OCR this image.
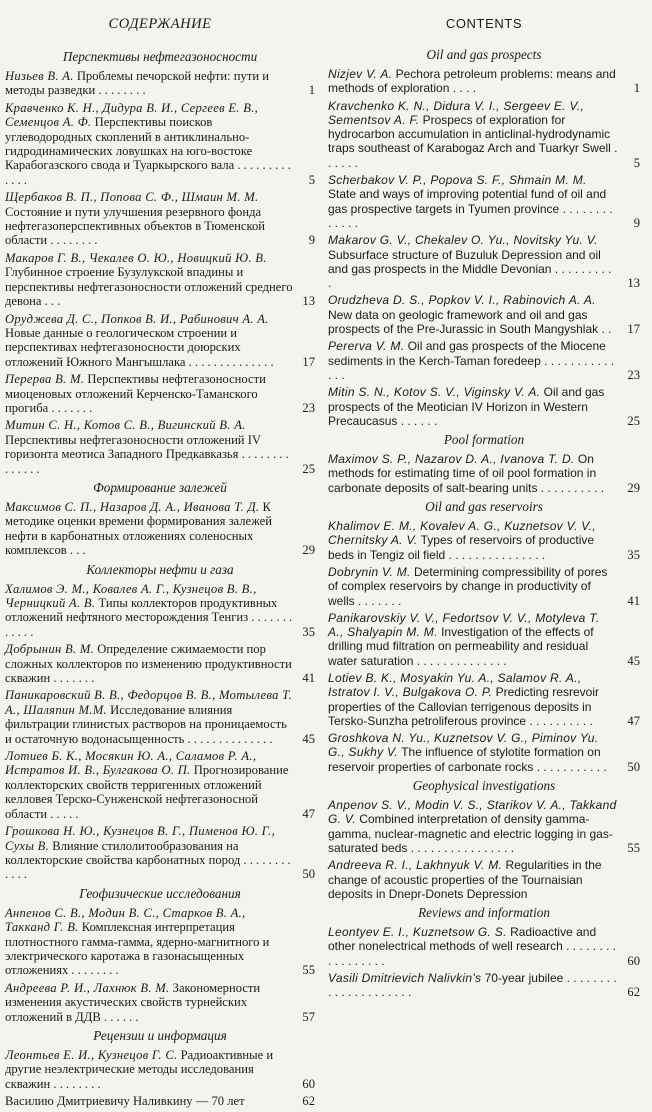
СОДЕРЖАНИЕ
Перспективы нефтегазоносности
Низьев В. А. Проблемы печорской нефти: пути и методы разведки . . . . . . . .	1
Кравченко К. Н., Дидура В. И., Сергеев Е. В., Семенцов А. Ф. Перспективы поисков углеводородных скоплений в антиклинально-гидродинамических ловушках на юго-востоке Карабогазского свода и Туаркырского вала . . . . . . . . . . . . .	5
Щербаков В. П., Попова С. Ф., Шмаин М. М. Состояние и пути улучшения резервного фонда нефтегазоперспективных объектов в Тюменской области . . . . . . . .	9
Макаров Г. В., Чекалев О. Ю., Новицкий Ю. В. Глубинное строение Бузулукской впадины и перспективы нефтегазоносности отложений среднего девона . . .	13
Оруджева Д. С., Попков В. И., Рабинович А. А. Новые данные о геологическом строении и перспективах нефтегазоносности доюрских отложений Южного Мангышлака . . . . . . . . . . . . . .	17
Перерва В. М. Перспективы нефтегазоносности миоценовых отложений Керченско-Таманского прогиба . . . . . . .	23
Митин С. Н., Котов С. В., Вигинский В. А. Перспективы нефтегазоносности отложений IV горизонта меотиса Западного Предкавказья . . . . . . . . . . . . . .	25
Формирование залежей
Максимов С. П., Назаров Д. А., Иванова Т. Д. К методике оценки времени формирования залежей нефти в карбонатных отложениях соленосных комплексов . . .	29
Коллекторы нефти и газа
Халимов Э. М., Ковалев А. Г., Кузнецов В. В., Черницкий А. В. Типы коллекторов продуктивных отложений нефтяного месторождения Тенгиз . . . . . . . . . . . .	35
Добрынин В. М. Определение сжимаемости пор сложных коллекторов по изменению продуктивности скважин . . . . . . .	41
Паникаровский В. В., Федорцов В. В., Мотылева Т. А., Шаляпин М.М. Исследование влияния фильтрации глинистых растворов на проницаемость и остаточную водонасыщенность . . . . . . . . . . . . . .	45
Лотиев Б. К., Мосякин Ю. А., Саламов Р. А., Истратов И. В., Булгакова О. П. Прогнозирование коллекторских свойств терригенных отложений келловея Терско-Сунженской нефтегазоносной области . . . . .	47
Грошкова Н. Ю., Кузнецов В. Г., Пименов Ю. Г., Сухы В. Влияние стилолитообразования на коллекторские свойства карбонатных пород . . . . . . . . . . . .	50
Геофизические исследования
Анпенов С. В., Модин В. С., Старков В. А., Такканд Г. В. Комплексная интерпретация плотностного гамма-гамма, ядерно-магнитного и электрического каротажа в газонасыщенных отложениях . . . . . . . .	55
Андреева Р. И., Лахнюк В. М. Закономерности изменения акустических свойств турнейских отложений в ДДВ . . . . . .	57
Рецензии и информация
Леонтьев Е. И., Кузнецов Г. С. Радиоактивные и другие неэлектрические методы исследования скважин . . . . . . . .	60
Василию Дмитриевичу Наливкину — 70 лет	62
CONTENTS
Oil and gas prospects
Nizjev V. A. Pechora petroleum problems: means and methods of exploration . . . .	1
Kravchenko K. N., Didura V. I., Sergeev E. V., Sementsov A. F. Prospecs of exploration for hydrocarbon accumulation in anticlinal-hydrodynamic traps southeast of Karabogaz Arch and Tuarkyr Swell . . . . . .	5
Scherbakov V. P., Popova S. F., Shmain M. M. State and ways of improving potential fund of oil and gas prospective targets in Tyumen province . . . . . . . . . . . . .	9
Makarov G. V., Chekalev O. Yu., Novitsky Yu. V. Subsurface structure of Buzuluk Depression and oil and gas prospects in the Middle Devonian . . . . . . . . . .	13
Orudzheva D. S., Popkov V. I., Rabinovich A. A. New data on geologic framework and oil and gas prospects of the Pre-Jurassic in South Mangyshlak . .	17
Pererva V. M. Oil and gas prospects of the Miocene sediments in the Kerch-Taman foredeep . . . . . . . . . . . . . .	23
Mitin S. N., Kotov S. V., Viginsky V. A. Oil and gas prospects of the Meotician IV Horizon in Western Precaucasus . . . . . .	25
Pool formation
Maximov S. P., Nazarov D. A., Ivanova T. D. On methods for estimating time of oil pool formation in carbonate deposits of salt-bearing units . . . . . . . . . .	29
Oil and gas reservoirs
Khalimov E. M., Kovalev A. G., Kuznetsov V. V., Chernitsky A. V. Types of reservoirs of productive beds in Tengiz oil field . . . . . . . . . . . . . . .	35
Dobrynin V. M. Determining compressibility of pores of complex reservoirs by change in productivity of wells . . . . . . .	41
Panikarovskiy V. V., Fedortsov V. V., Motyleva T. A., Shalyapin M. M. Investigation of the effects of drilling mud filtration on permeability and residual water saturation . . . . . . . . . . . . . .	45
Lotiev B. K., Mosyakin Yu. A., Salamov R. A., Istratov I. V., Bulgakova O. P. Predicting resrevoir properties of the Callovian terrigenous deposits in Tersko-Sunzha petroliferous province . . . . . . . . . .	47
Groshkova N. Yu., Kuznetsov V. G., Piminov Yu. G., Sukhy V. The influence of stylotite formation on reservoir properties of carbonate rocks . . . . . . . . . . .	50
Geophysical investigations
Anpenov S. V., Modin V. S., Starikov V. A., Takkand G. V. Combined interpretation of density gamma-gamma, nuclear-magnetic and electric logging in gas-saturated beds . . . . . . . . . . . . . . . .	55
Andreeva R. I., Lakhnyuk V. M. Regularities in the change of acoustic properties of the Tournaisian deposits in Dnepr-Donets Depression
Reviews and information
Leontyev E. I., Kuznetsow G. S. Radioactive and other nonelectrical methods of well research . . . . . . . . . . . . . . . . .	60
Vasili Dmitrievich Nalivkin's 70-year jubilee . . . . . . . . . . . . . . . . . . . . .	62
